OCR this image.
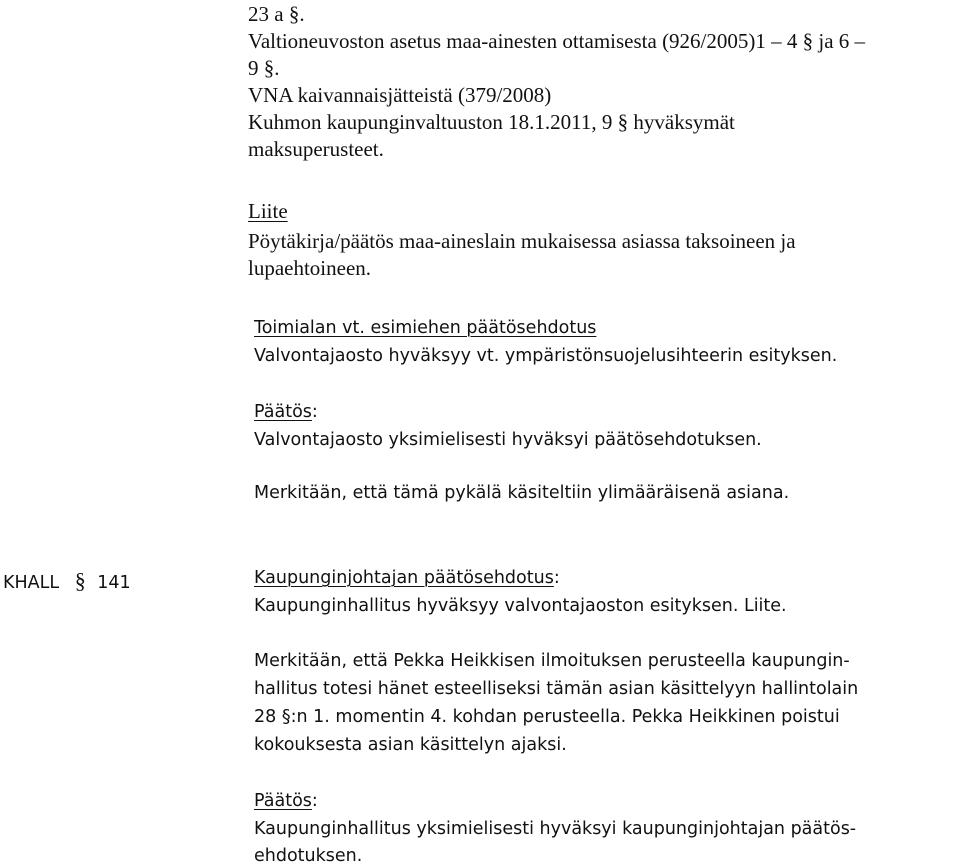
23 a §.
Valtioneuvoston asetus maa-ainesten ottamisesta (926/2005)1 – 4 § ja 6 –
9 §.
VNA kaivannaisjätteistä (379/2008)
Kuhmon kaupunginvaltuuston 18.1.2011, 9 § hyväksymät
maksuperusteet.
Liite
Pöytäkirja/päätös maa-aineslain mukaisessa asiassa taksoineen ja
lupaehtoineen.
Toimialan vt. esimiehen päätösehdotus
Valvontajaosto hyväksyy vt. ympäristönsuojelusihteerin esityksen.
Päätös:
Valvontajaosto yksimielisesti hyväksyi päätösehdotuksen.
Merkitään, että tämä pykälä käsiteltiin ylimääräisenä asiana.
KHALL § 141	Kaupunginjohtajan päätösehdotus:
Kaupunginhallitus hyväksyy valvontajaoston esityksen. Liite.
Merkitään, että Pekka Heikkisen ilmoituksen perusteella kaupungin-
hallitus totesi hänet esteelliseksi tämän asian käsittelyyn hallintolain
28 §:n 1. momentin 4. kohdan perusteella. Pekka Heikkinen poistui
kokouksesta asian käsittelyn ajaksi.
Päätös:
Kaupunginhallitus yksimielisesti hyväksyi kaupunginjohtajan päätös-
ehdotuksen.
